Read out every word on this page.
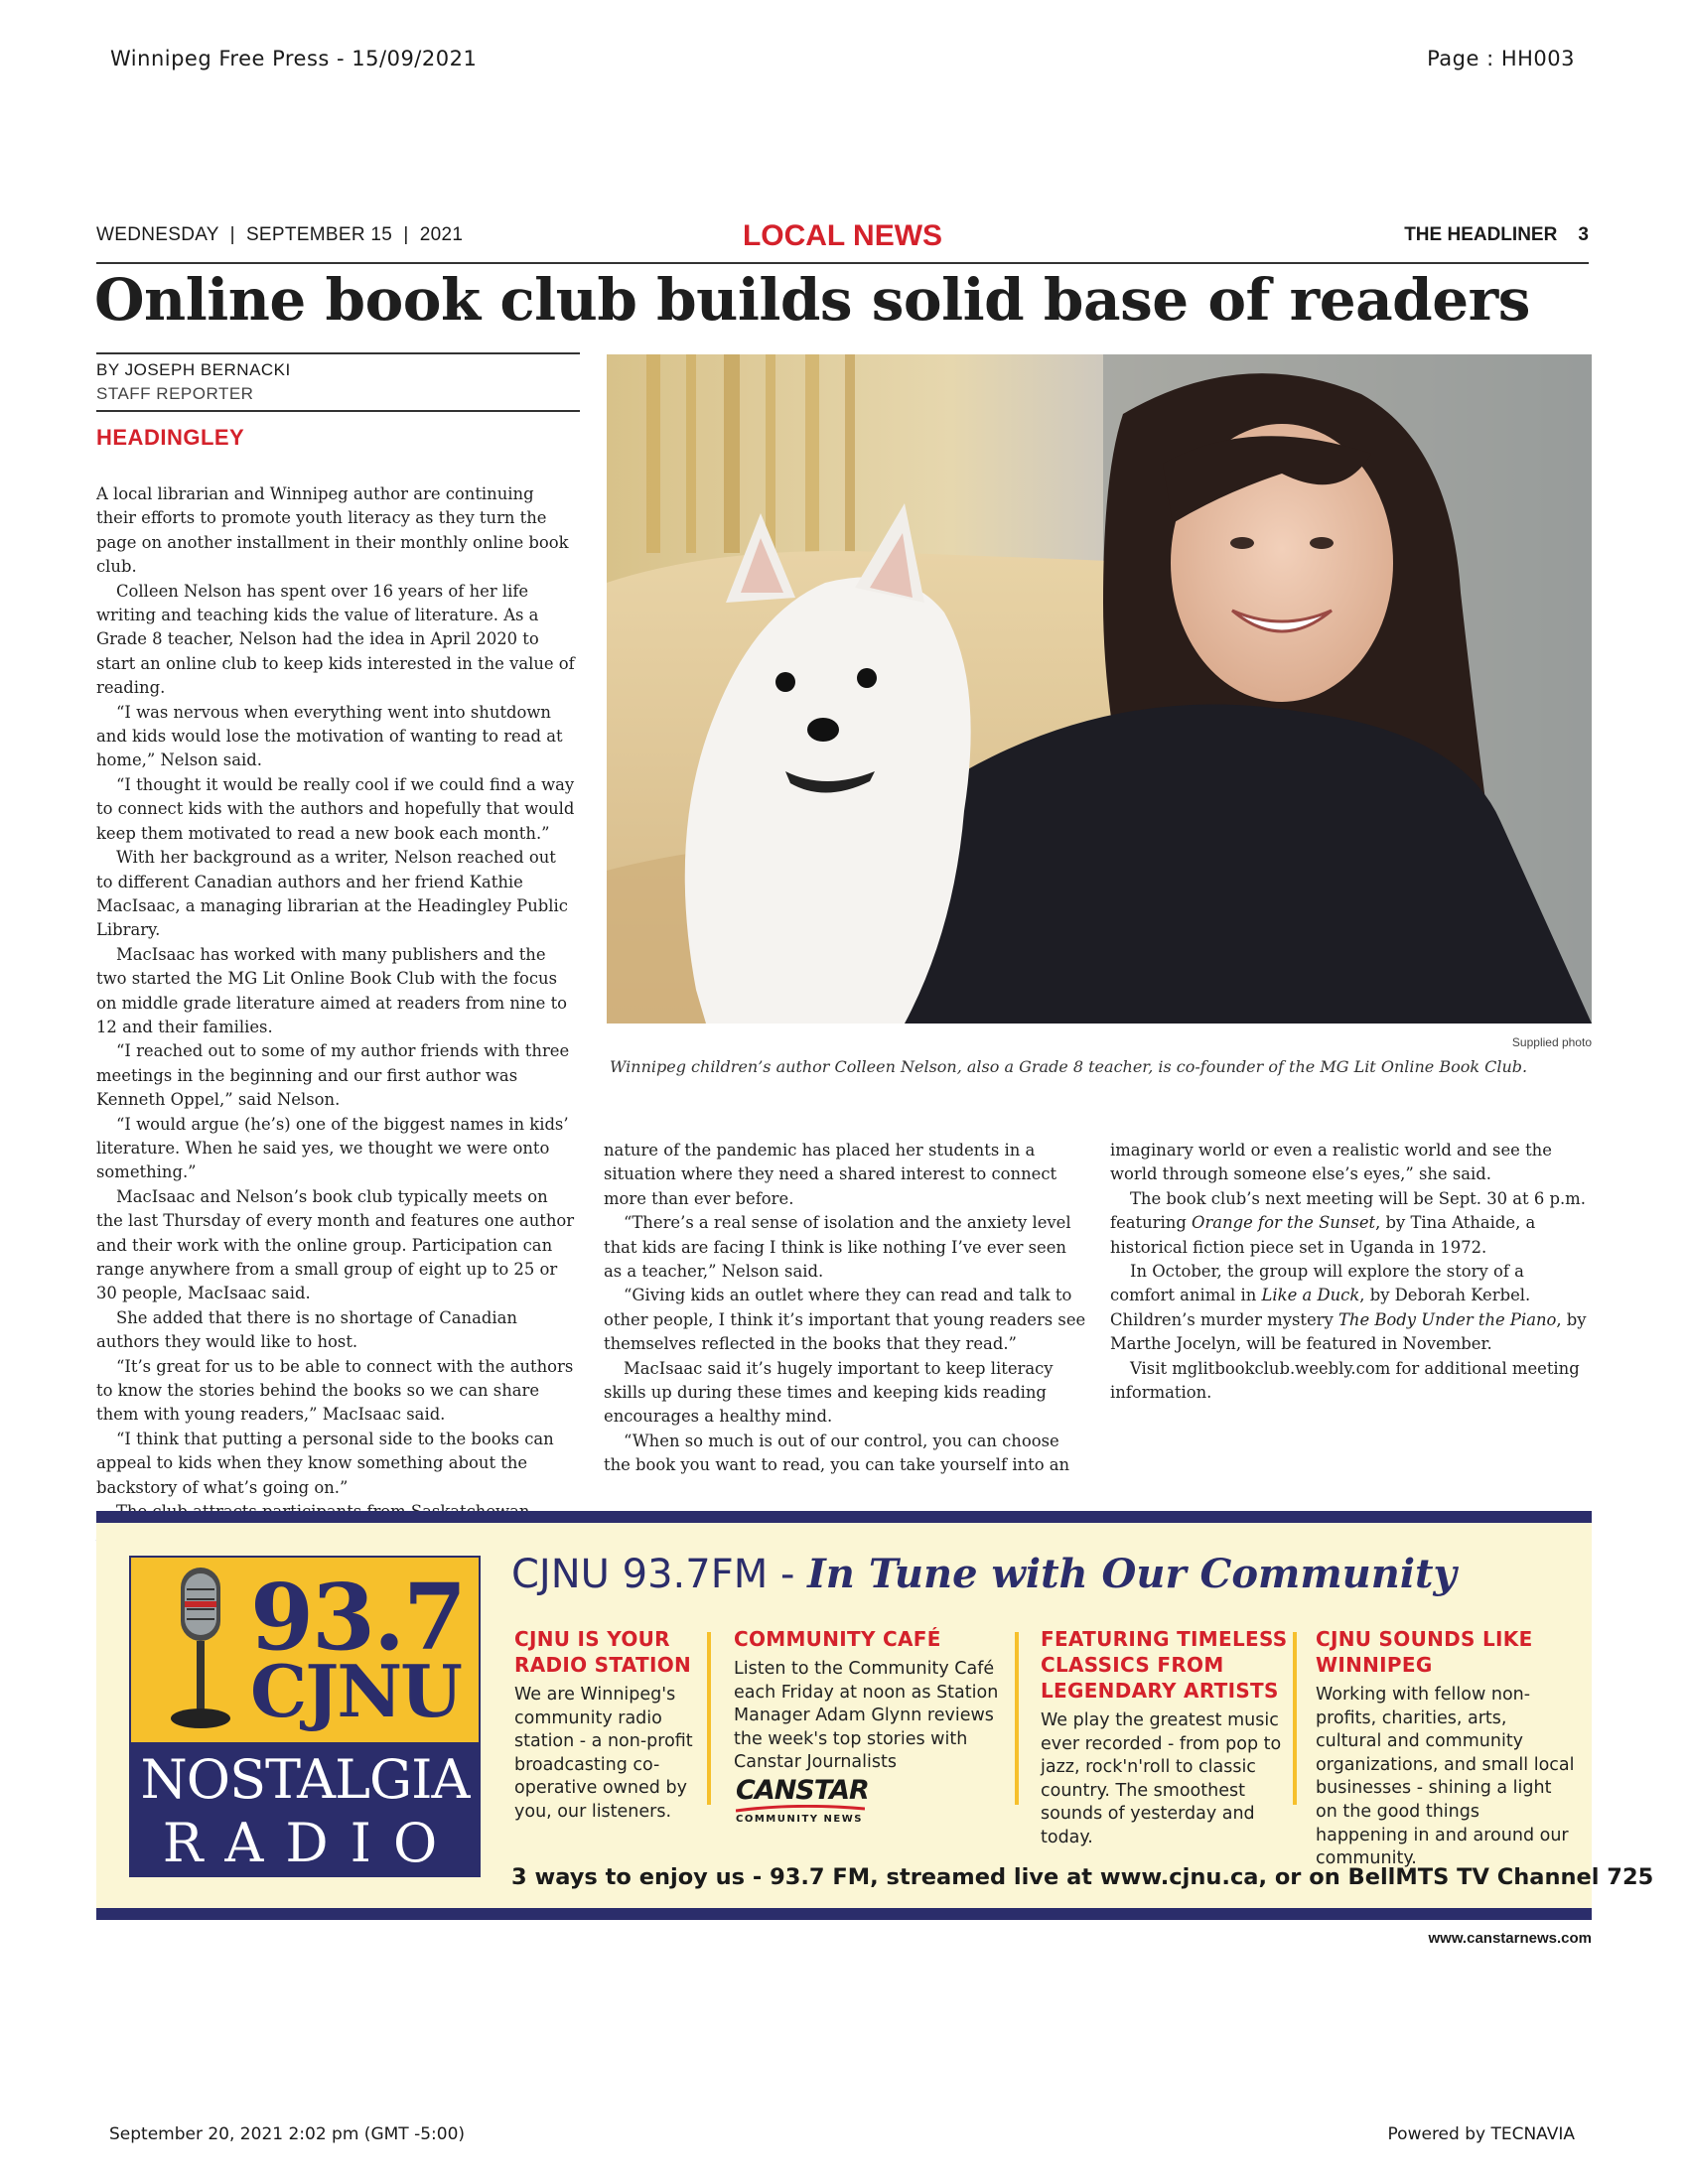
Winnipeg Free Press - 15/09/2021	Page : HH003
WEDNESDAY  |  SEPTEMBER 15  |  2021	LOCAL NEWS	THE HEADLINER    3
Online book club builds solid base of readers
BY JOSEPH BERNACKI
STAFF REPORTER
HEADINGLEY

A local librarian and Winnipeg author are continuing their efforts to promote youth literacy as they turn the page on another installment in their monthly online book club.

Colleen Nelson has spent over 16 years of her life writing and teaching kids the value of literature. As a Grade 8 teacher, Nelson had the idea in April 2020 to start an online club to keep kids interested in the value of reading.

“I was nervous when everything went into shutdown and kids would lose the motivation of wanting to read at home,” Nelson said.

“I thought it would be really cool if we could find a way to connect kids with the authors and hopefully that would keep them motivated to read a new book each month.”

With her background as a writer, Nelson reached out to different Canadian authors and her friend Kathie MacIsaac, a managing librarian at the Headingley Public Library.

MacIsaac has worked with many publishers and the two started the MG Lit Online Book Club with the focus on middle grade literature aimed at readers from nine to 12 and their families.

“I reached out to some of my author friends with three meetings in the beginning and our first author was Kenneth Oppel,” said Nelson.

“I would argue (he’s) one of the biggest names in kids’ literature. When he said yes, we thought we were onto something.”

MacIsaac and Nelson’s book club typically meets on the last Thursday of every month and features one author and their work with the online group. Participation can range anywhere from a small group of eight up to 25 or 30 people, MacIsaac said.

She added that there is no shortage of Canadian authors they would like to host.

“It’s great for us to be able to connect with the authors to know the stories behind the books so we can share them with young readers,” MacIsaac said.

“I think that putting a personal side to the books can appeal to kids when they know something about the backstory of what’s going on.”

Supplied photo
Winnipeg children’s author Colleen Nelson, also a Grade 8 teacher, is co-founder of the MG Lit Online Book Club.

nature of the pandemic has placed her students in a situation where they need a shared interest to connect more than ever before.

“There’s a real sense of isolation and the anxiety level that kids are facing I think is like nothing I’ve ever seen as a teacher,” Nelson said.

“Giving kids an outlet where they can read and talk to other people, I think it’s important that young readers see themselves reflected in the books that they read.”

MacIsaac said it’s hugely important to keep literacy skills up during these times and keeping kids reading encourages a healthy mind.

“When so much is out of our control, you can choose the book you want to read, you can take yourself into an

imaginary world or even a realistic world and see the world through someone else’s eyes,” she said.

The book club’s next meeting will be Sept. 30 at 6 p.m. featuring Orange for the Sunset, by Tina Athaide, a historical fiction piece set in Uganda in 1972.

In October, the group will explore the story of a comfort animal in Like a Duck, by Deborah Kerbel. Children’s murder mystery The Body Under the Piano, by Marthe Jocelyn, will be featured in November.

Visit mglitbookclub.weebly.com for additional meeting information.

93.7
CJNU
NOSTALGIA
RADIO
CJNU 93.7FM - In Tune with Our Community
CJNU IS YOUR RADIO STATION
We are Winnipeg's community radio station - a non-profit broadcasting co-operative owned by you, our listeners.
COMMUNITY CAFÉ
Listen to the Community Café each Friday at noon as Station Manager Adam Glynn reviews the week's top stories with Canstar Journalists
CANSTAR
COMMUNITY NEWS
FEATURING TIMELESS CLASSICS FROM LEGENDARY ARTISTS
We play the greatest music ever recorded - from pop to jazz, rock'n'roll to classic country. The smoothest sounds of yesterday and today.
CJNU SOUNDS LIKE WINNIPEG
Working with fellow non-profits, charities, arts, cultural and community organizations, and small local businesses - shining a light on the good things happening in and around our community.
3 ways to enjoy us - 93.7 FM, streamed live at www.cjnu.ca, or on BellMTS TV Channel 725
www.canstarnews.com
September 20, 2021 2:02 pm (GMT -5:00)	Powered by TECNAVIA
